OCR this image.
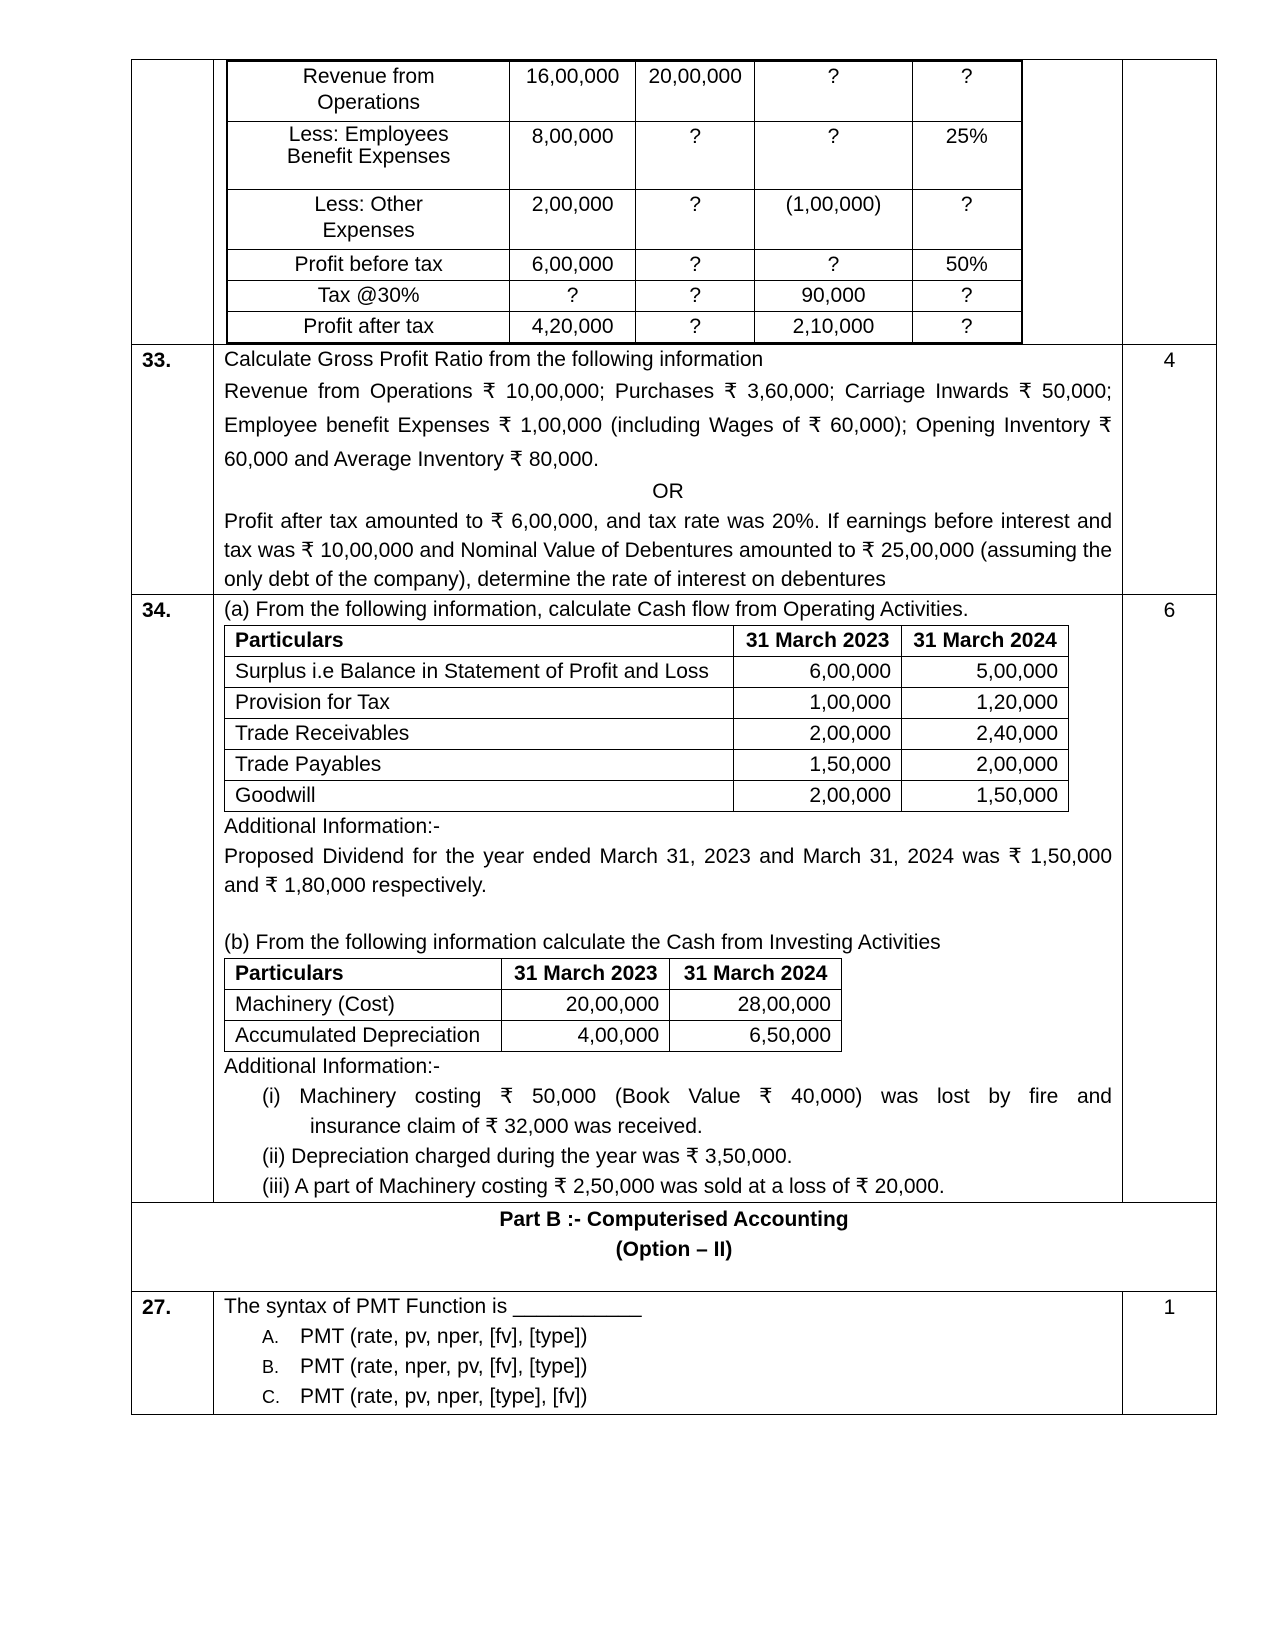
Revenue from Operations	16,00,000	20,00,000	?	?
Less: Employees Benefit Expenses	8,00,000	?	?	25%
Less: Other Expenses	2,00,000	?	(1,00,000)	?
Profit before tax	6,00,000	?	?	50%
Tax @30%	?	?	90,000	?
Profit after tax	4,20,000	?	2,10,000	?

33.	Calculate Gross Profit Ratio from the following information
Revenue from Operations ₹ 10,00,000; Purchases ₹ 3,60,000; Carriage Inwards ₹ 50,000; Employee benefit Expenses ₹ 1,00,000 (including Wages of ₹ 60,000); Opening Inventory ₹ 60,000 and Average Inventory ₹ 80,000.
OR
Profit after tax amounted to ₹ 6,00,000, and tax rate was 20%. If earnings before interest and tax was ₹ 10,00,000 and Nominal Value of Debentures amounted to ₹ 25,00,000 (assuming the only debt of the company), determine the rate of interest on debentures
	4
34.	(a) From the following information, calculate Cash flow from Operating Activities.
Particulars	31 March 2023	31 March 2024
Surplus i.e Balance in Statement of Profit and Loss	6,00,000	5,00,000
Provision for Tax	1,00,000	1,20,000
Trade Receivables	2,00,000	2,40,000
Trade Payables	1,50,000	2,00,000
Goodwill	2,00,000	1,50,000
Additional Information:-
Proposed Dividend for the year ended March 31, 2023 and March 31, 2024 was ₹ 1,50,000 and ₹ 1,80,000 respectively.
(b) From the following information calculate the Cash from Investing Activities
Particulars	31 March 2023	31 March 2024
Machinery (Cost)	20,00,000	28,00,000
Accumulated Depreciation	4,00,000	6,50,000
Additional Information:-
(i) Machinery costing ₹ 50,000 (Book Value ₹ 40,000) was lost by fire and
insurance claim of ₹ 32,000 was received.
(ii) Depreciation charged during the year was ₹ 3,50,000.
(iii) A part of Machinery costing ₹ 2,50,000 was sold at a loss of ₹ 20,000.
	6

Part B :- Computerised Accounting
(Option – II)

27.	The syntax of PMT Function is ___________
A. PMT (rate, pv, nper, [fv], [type])
B. PMT (rate, nper, pv, [fv], [type])
C. PMT (rate, pv, nper, [type], [fv])
	1
